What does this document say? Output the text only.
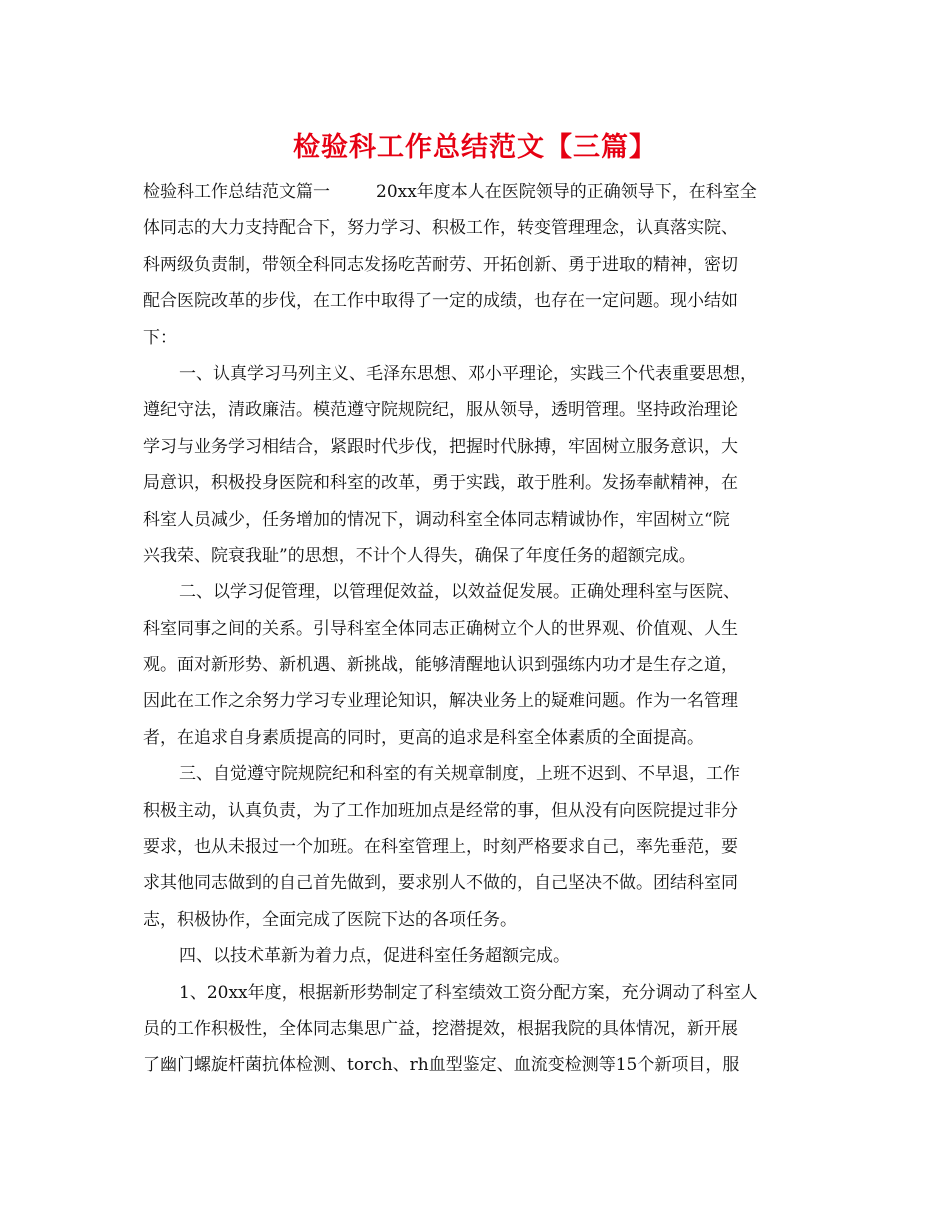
检验科工作总结范文【三篇】
检验科工作总结范文篇一	20xx年度本人在医院领导的正确领导下，在科室全
体同志的大力支持配合下，努力学习、积极工作，转变管理理念，认真落实院、
科两级负责制，带领全科同志发扬吃苦耐劳、开拓创新、勇于进取的精神，密切
配合医院改革的步伐，在工作中取得了一定的成绩，也存在一定问题。现小结如
下：
一、认真学习马列主义、毛泽东思想、邓小平理论，实践三个代表重要思想，
遵纪守法，清政廉洁。模范遵守院规院纪，服从领导，透明管理。坚持政治理论
学习与业务学习相结合，紧跟时代步伐，把握时代脉搏，牢固树立服务意识，大
局意识，积极投身医院和科室的改革，勇于实践，敢于胜利。发扬奉献精神，在
科室人员减少，任务增加的情况下，调动科室全体同志精诚协作，牢固树立“院
兴我荣、院衰我耻”的思想，不计个人得失，确保了年度任务的超额完成。
二、以学习促管理，以管理促效益，以效益促发展。正确处理科室与医院、
科室同事之间的关系。引导科室全体同志正确树立个人的世界观、价值观、人生
观。面对新形势、新机遇、新挑战，能够清醒地认识到强练内功才是生存之道，
因此在工作之余努力学习专业理论知识，解决业务上的疑难问题。作为一名管理
者，在追求自身素质提高的同时，更高的追求是科室全体素质的全面提高。
三、自觉遵守院规院纪和科室的有关规章制度，上班不迟到、不早退，工作
积极主动，认真负责，为了工作加班加点是经常的事，但从没有向医院提过非分
要求，也从未报过一个加班。在科室管理上，时刻严格要求自己，率先垂范，要
求其他同志做到的自己首先做到，要求别人不做的，自己坚决不做。团结科室同
志，积极协作，全面完成了医院下达的各项任务。
四、以技术革新为着力点，促进科室任务超额完成。
1、20xx年度，根据新形势制定了科室绩效工资分配方案，充分调动了科室人
员的工作积极性，全体同志集思广益，挖潜提效，根据我院的具体情况，新开展
了幽门螺旋杆菌抗体检测、torch、rh血型鉴定、血流变检测等15个新项目，服
